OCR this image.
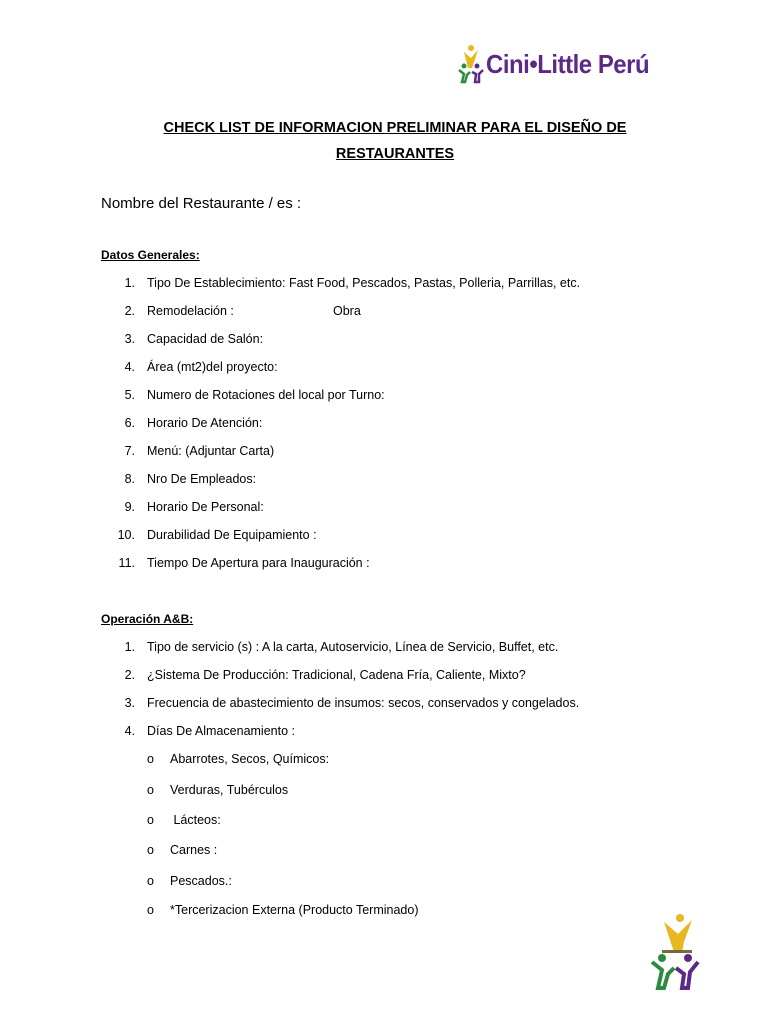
Cini•Little Perú
CHECK LIST DE INFORMACION PRELIMINAR PARA EL DISEÑO DE
RESTAURANTES
Nombre del Restaurante / es :
Datos Generales:
1. Tipo De Establecimiento: Fast Food, Pescados, Pastas, Polleria, Parrillas, etc.
2. Remodelación :	Obra
3. Capacidad de Salón:
4. Área (mt2)del proyecto:
5. Numero de Rotaciones del local por Turno:
6. Horario De Atención:
7. Menú: (Adjuntar Carta)
8. Nro De Empleados:
9. Horario De Personal:
10. Durabilidad De Equipamiento :
11. Tiempo De Apertura para Inauguración :
Operación A&B:
1. Tipo de servicio (s) : A la carta, Autoservicio, Línea de Servicio, Buffet, etc.
2. ¿Sistema De Producción: Tradicional, Cadena Fría, Caliente, Mixto?
3. Frecuencia de abastecimiento de insumos: secos, conservados y congelados.
4. Días De Almacenamiento :
o Abarrotes, Secos, Químicos:
o Verduras, Tubérculos
o Lácteos:
o Carnes :
o Pescados.:
o *Tercerizacion Externa (Producto Terminado)
